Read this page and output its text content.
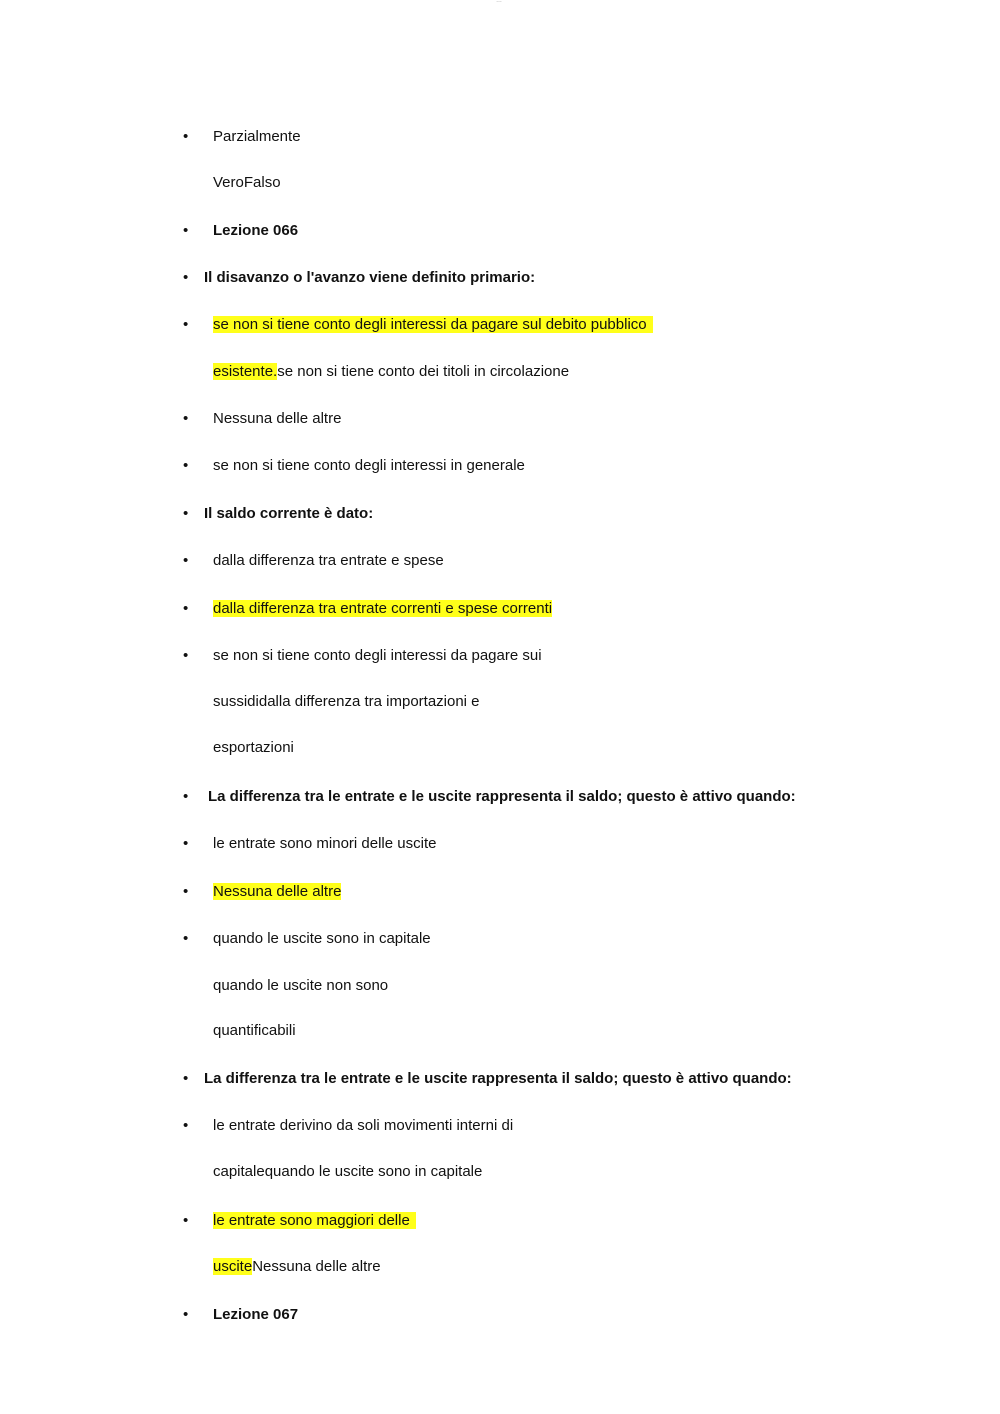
~~~
•
Parzialmente
VeroFalso
•
Lezione 066
•
Il disavanzo o l'avanzo viene definito primario:
•
se non si tiene conto degli interessi da pagare sul debito pubblico
esistente.se non si tiene conto dei titoli in circolazione
•
Nessuna delle altre
•
se non si tiene conto degli interessi in generale
•
Il saldo corrente è dato:
•
dalla differenza tra entrate e spese
•
dalla differenza tra entrate correnti e spese correnti
•
se non si tiene conto degli interessi da pagare sui
sussididalla differenza tra importazioni e
esportazioni
•
La differenza tra le entrate e le uscite rappresenta il saldo; questo è attivo quando:
•
le entrate sono minori delle uscite
•
Nessuna delle altre
•
quando le uscite sono in capitale
quando le uscite non sono
quantificabili
•
La differenza tra le entrate e le uscite rappresenta il saldo; questo è attivo quando:
•
le entrate derivino da soli movimenti interni di
capitalequando le uscite sono in capitale
•
le entrate sono maggiori delle
usciteNessuna delle altre
•
Lezione 067
